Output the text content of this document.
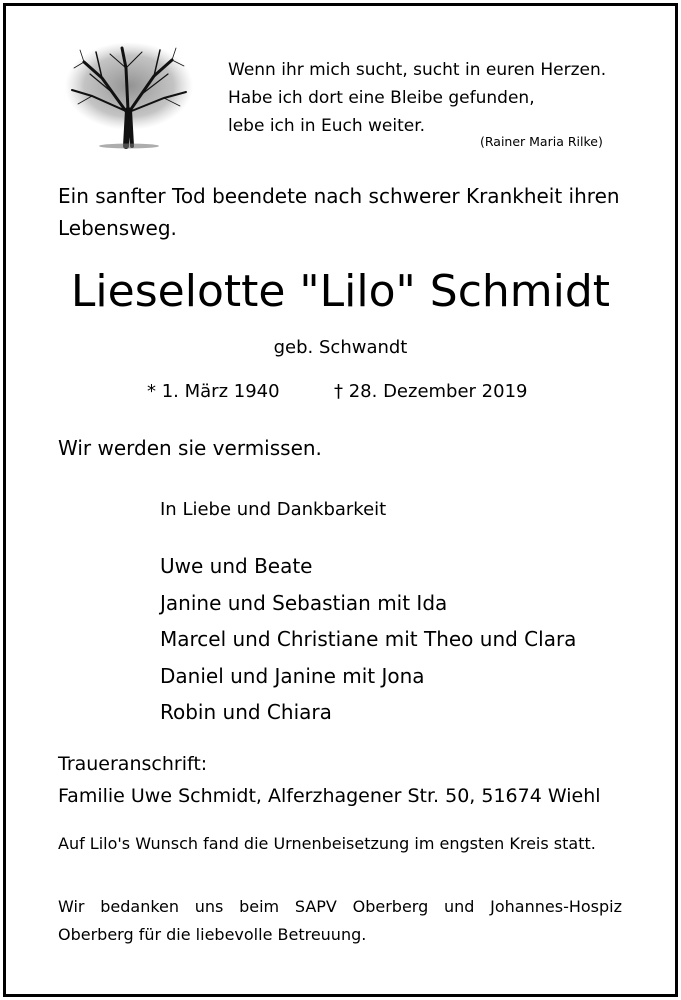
Wenn ihr mich sucht, sucht in euren Herzen.
Habe ich dort eine Bleibe gefunden,
lebe ich in Euch weiter.
(Rainer Maria Rilke)
Ein sanfter Tod beendete nach schwerer Krankheit ihren Lebensweg.
Lieselotte "Lilo" Schmidt
geb. Schwandt
* 1. März 1940	† 28. Dezember 2019
Wir werden sie vermissen.
In Liebe und Dankbarkeit
Uwe und Beate
Janine und Sebastian mit Ida
Marcel und Christiane mit Theo und Clara
Daniel und Janine mit Jona
Robin und Chiara
Traueranschrift:
Familie Uwe Schmidt, Alferzhagener Str. 50, 51674 Wiehl
Auf Lilo's Wunsch fand die Urnenbeisetzung im engsten Kreis statt.
Wir bedanken uns beim SAPV Oberberg und Johannes-Hospiz Oberberg für die liebevolle Betreuung.
